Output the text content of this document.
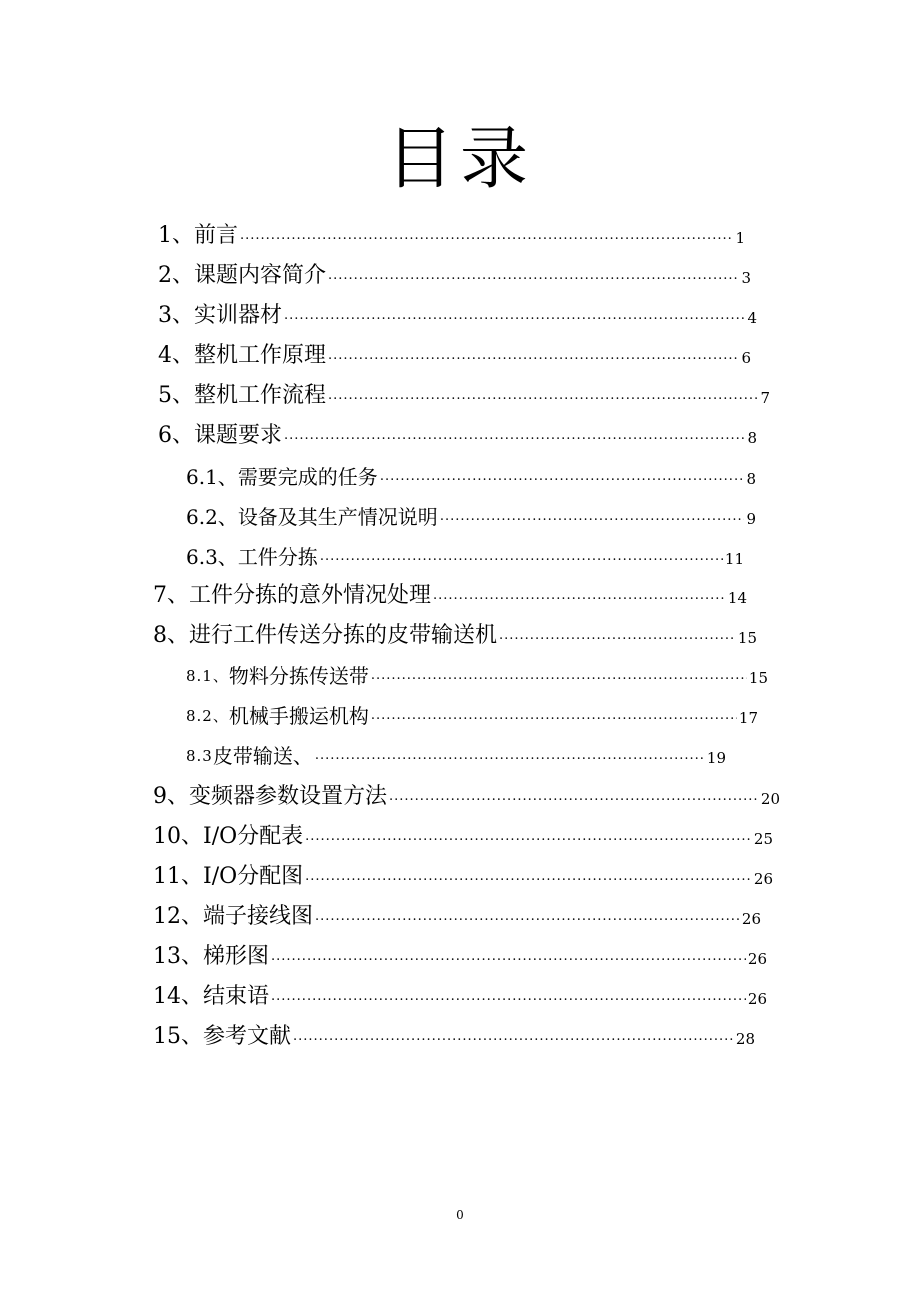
目录
1、 前言 .....	1
2、 课题内容简介 .....	3
3、 实训器材 .....	4
4、 整机工作原理 .....	6
5、 整机工作流程 .....	7
6、 课题要求 .....	8
6.1、 需要完成的任务 .....	8
6.2、 设备及其生产情况说明 .....	9
6.3、 工件分拣 .....	11
7、 工件分拣的意外情况处理 .....	14
8、 进行工件传送分拣的皮带输送机 .....	15
8.1、 物料分拣传送带 .....	15
8.2、 机械手搬运机构 .....	17
8.3 皮带输送、 .....	19
9、 变频器参数设置方法 .....	20
10、 I/O分配表 .....	25
11、 I/O分配图 .....	26
12、 端子接线图 .....	26
13、 梯形图 .....	26
14、 结束语 .....	26
15、 参考文献 .....	28
0
